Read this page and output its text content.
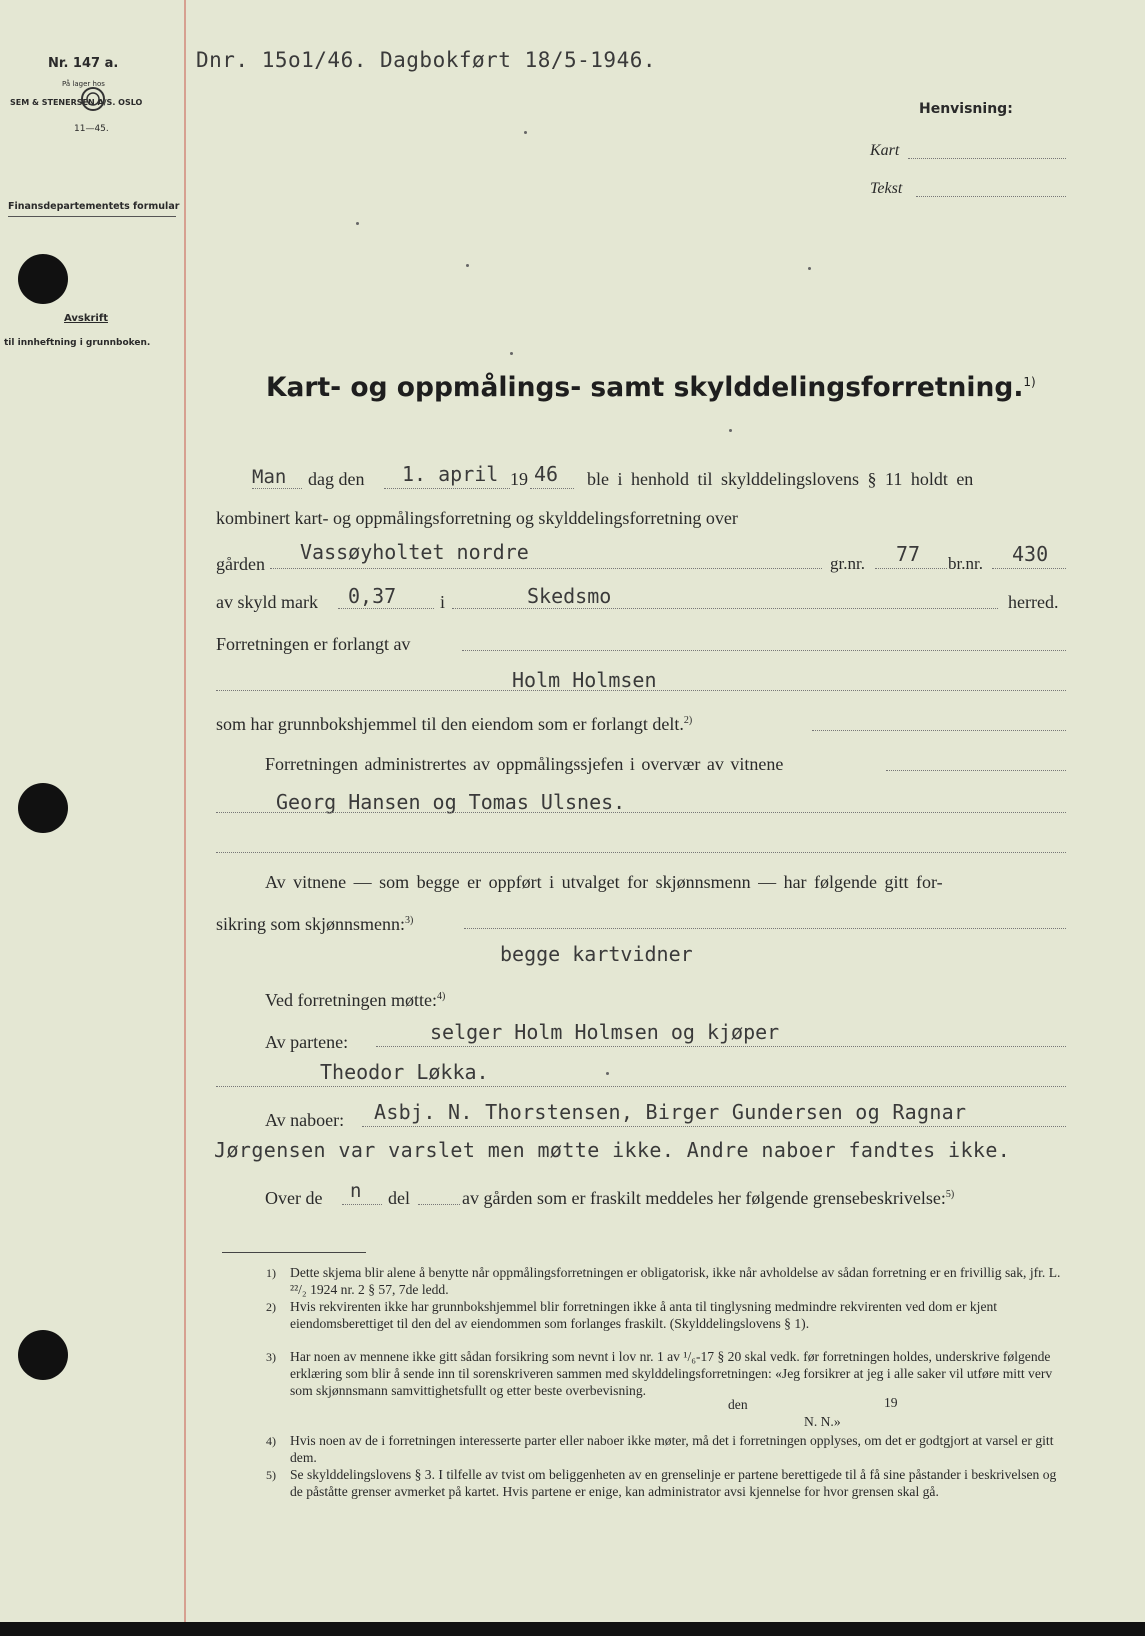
Nr. 147 a.
På lager hos
SEM & STENERSEN A/S. OSLO
11—45.
Finansdepartementets formular
Avskrift
til innheftning i grunnboken.
Dnr. 15o1/46. Dagbokført 18/5-1946.
Henvisning:
Kart
Tekst
Kart- og oppmålings- samt skylddelingsforretning.$^{1)}$
Man dag den 1. april 19 46 ble i henhold til skylddelingslovens § 11 holdt en
kombinert kart- og oppmålingsforretning og skylddelingsforretning over
gården Vassøyholtet nordre	gr.nr. 77 br.nr. 430
av skyld mark 0,37 i	Skedsmo	herred.
Forretningen er forlangt av
Holm Holmsen
som har grunnbokshjemmel til den eiendom som er forlangt delt.$^{2)}$
Forretningen administrertes av oppmålingssjefen i overvær av vitnene
Georg Hansen og Tomas Ulsnes.
Av vitnene — som begge er oppført i utvalget for skjønnsmenn — har følgende gitt for-
sikring som skjønnsmenn:$^{3)}$
begge kartvidner
Ved forretningen møtte:$^{4)}$
Av partene:	selger Holm Holmsen og kjøper
Theodor Løkka.
Av naboer: Asbj. N. Thorstensen, Birger Gundersen og Ragnar
Jørgensen var varslet men møtte ikke. Andre naboer fandtes ikke.
Over de n del	av gården som er fraskilt meddeles her følgende grensebeskrivelse:$^{5)}$
1) Dette skjema blir alene å benytte når oppmålingsforretningen er obligatorisk, ikke når avholdelse av sådan forretning er en frivillig sak, jfr. L. ²²/₂ 1924 nr. 2 § 57, 7de ledd.
2) Hvis rekvirenten ikke har grunnbokshjemmel blir forretningen ikke å anta til tinglysning medmindre rekvirenten ved dom er kjent eiendomsberettiget til den del av eiendommen som forlanges fraskilt. (Skylddelingslovens § 1).
3) Har noen av mennene ikke gitt sådan forsikring som nevnt i lov nr. 1 av ¹/₆-17 § 20 skal vedk. før forretningen holdes, underskrive følgende erklæring som blir å sende inn til sorenskriveren sammen med skylddelingsforretningen: «Jeg forsikrer at jeg i alle saker vil utføre mitt verv som skjønnsmann samvittighetsfullt og etter beste overbevisning.
den	19
N. N.»
4) Hvis noen av de i forretningen interesserte parter eller naboer ikke møter, må det i forretningen opplyses, om det er godtgjort at varsel er gitt dem.
5) Se skylddelingslovens § 3. I tilfelle av tvist om beliggenheten av en grenselinje er partene berettigede til å få sine påstander i beskrivelsen og de påståtte grenser avmerket på kartet. Hvis partene er enige, kan administrator avsi kjennelse for hvor grensen skal gå.
